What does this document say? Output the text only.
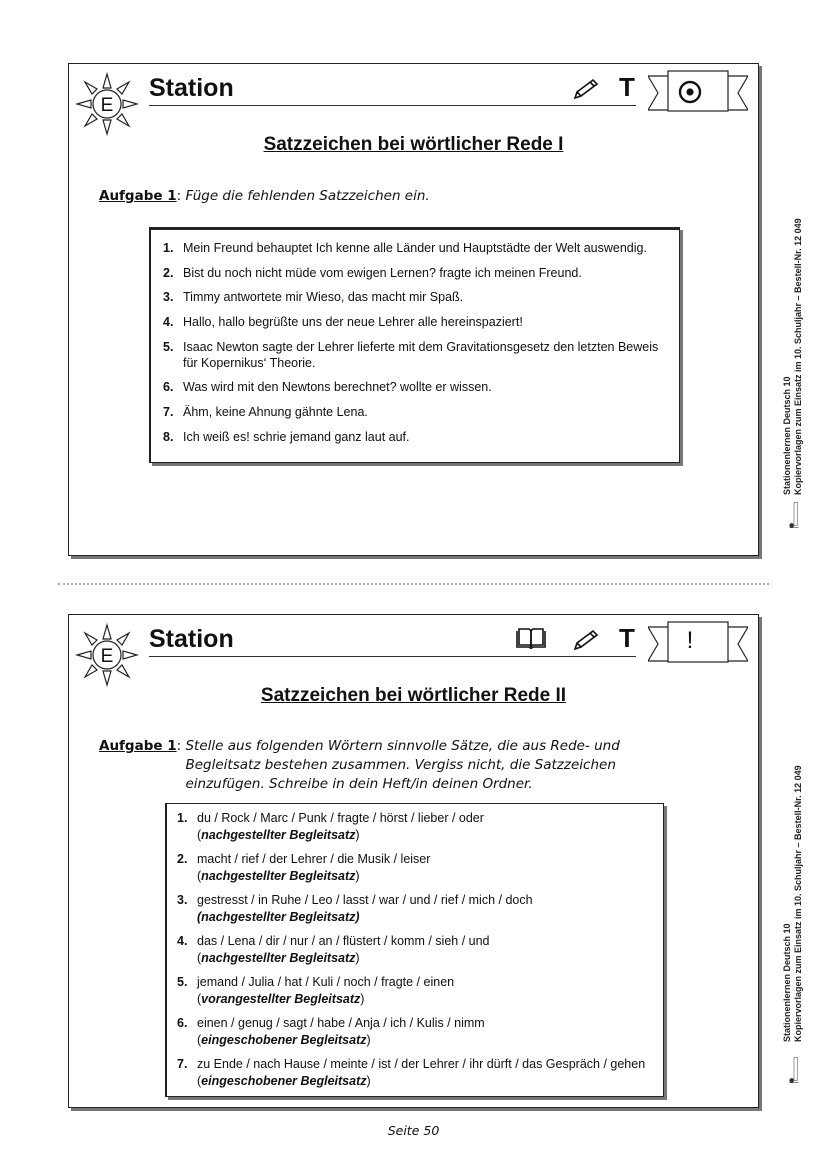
E
Station	T
Satzzeichen bei wörtlicher Rede I
Aufgabe 1: Füge die fehlenden Satzzeichen ein.
1. Mein Freund behauptet Ich kenne alle Länder und Hauptstädte der Welt auswendig.
2. Bist du noch nicht müde vom ewigen Lernen? fragte ich meinen Freund.
3. Timmy antwortete mir Wieso, das macht mir Spaß.
4. Hallo, hallo begrüßte uns der neue Lehrer alle hereinspaziert!
5. Isaac Newton sagte der Lehrer lieferte mit dem Gravitationsgesetz den letzten Beweis für Kopernikus‘ Theorie.
6. Was wird mit den Newtons berechnet? wollte er wissen.
7. Ähm, keine Ahnung gähnte Lena.
8. Ich weiß es! schrie jemand ganz laut auf.
E
Station	T	!
Satzzeichen bei wörtlicher Rede II
Aufgabe 1: Stelle aus folgenden Wörtern sinnvolle Sätze, die aus Rede- und Begleitsatz bestehen zusammen. Vergiss nicht, die Satzzeichen einzufügen. Schreibe in dein Heft/in deinen Ordner.
1. du / Rock / Marc / Punk / fragte / hörst / lieber / oder
(nachgestellter Begleitsatz)
2. macht / rief / der Lehrer / die Musik / leiser
(nachgestellter Begleitsatz)
3. gestresst / in Ruhe / Leo / lasst / war / und / rief / mich / doch
(nachgestellter Begleitsatz)
4. das / Lena / dir / nur / an / flüstert / komm / sieh / und
(nachgestellter Begleitsatz)
5. jemand / Julia / hat / Kuli / noch / fragte / einen
(vorangestellter Begleitsatz)
6. einen / genug / sagt / habe / Anja / ich / Kulis / nimm
(eingeschobener Begleitsatz)
7. zu Ende / nach Hause / meinte / ist / der Lehrer / ihr dürft / das Gespräch / gehen
(eingeschobener Begleitsatz)
Stationenlernen Deutsch 10 Kopiervorlagen zum Einsatz im 10. Schuljahr – Bestell-Nr. 12 049
Stationenlernen Deutsch 10 Kopiervorlagen zum Einsatz im 10. Schuljahr – Bestell-Nr. 12 049
Seite 50
